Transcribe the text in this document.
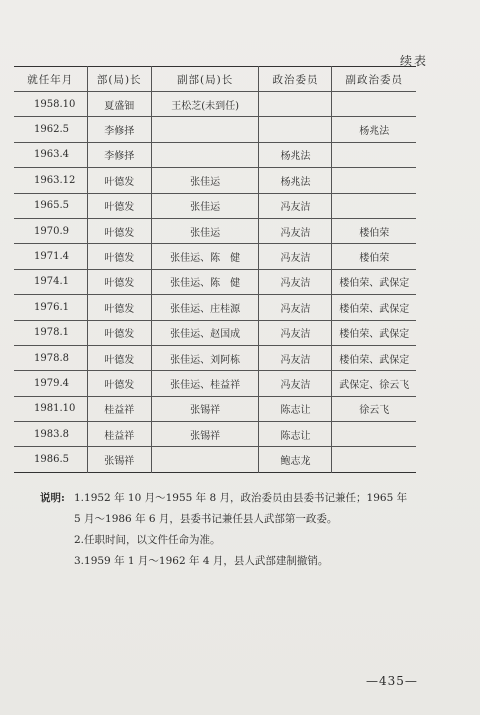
续表
就任年月	部(局)长	副部(局)长	政治委员	副政治委员
1958.10	夏盛钿	王松芝(未到任)		
1962.5	李修择			杨兆法
1963.4	李修择		杨兆法	
1963.12	叶德发	张佳运	杨兆法	
1965.5	叶德发	张佳运	冯友洁	
1970.9	叶德发	张佳运	冯友洁	楼伯荣
1971.4	叶德发	张佳运、陈　健	冯友洁	楼伯荣
1974.1	叶德发	张佳运、陈　健	冯友洁	楼伯荣、武保定
1976.1	叶德发	张佳运、庄桂源	冯友洁	楼伯荣、武保定
1978.1	叶德发	张佳运、赵国成	冯友洁	楼伯荣、武保定
1978.8	叶德发	张佳运、刘阿栋	冯友洁	楼伯荣、武保定
1979.4	叶德发	张佳运、桂益祥	冯友洁	武保定、徐云飞
1981.10	桂益祥	张锡祥	陈志让	徐云飞
1983.8	桂益祥	张锡祥	陈志让	
1986.5	张锡祥		鲍志龙	
说明: 1.1952 年 10 月～1955 年 8 月，政治委员由县委书记兼任；1965 年
5 月～1986 年 6 月，县委书记兼任县人武部第一政委。
2.任职时间，以文件任命为准。
3.1959 年 1 月～1962 年 4 月，县人武部建制撤销。
—435—
